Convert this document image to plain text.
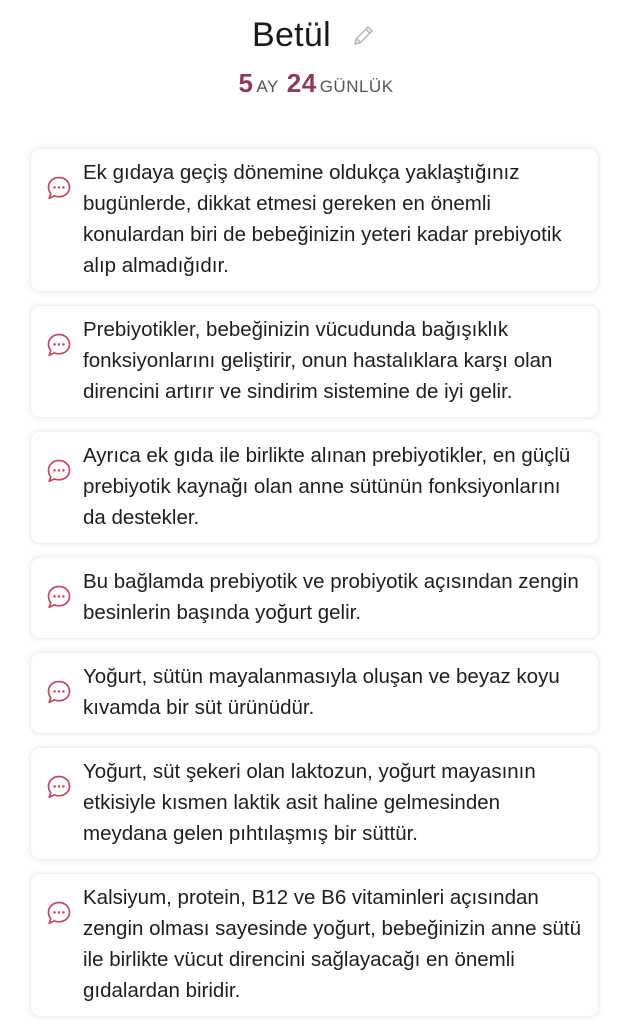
Betül
5 AY 24 GÜNLÜK

Ek gıdaya geçiş dönemine oldukça yaklaştığınız bugünlerde, dikkat etmesi gereken en önemli konulardan biri de bebeğinizin yeteri kadar prebiyotik alıp almadığıdır.

Prebiyotikler, bebeğinizin vücudunda bağışıklık fonksiyonlarını geliştirir, onun hastalıklara karşı olan direncini artırır ve sindirim sistemine de iyi gelir.

Ayrıca ek gıda ile birlikte alınan prebiyotikler, en güçlü prebiyotik kaynağı olan anne sütünün fonksiyonlarını da destekler.

Bu bağlamda prebiyotik ve probiyotik açısından zengin besinlerin başında yoğurt gelir.

Yoğurt, sütün mayalanmasıyla oluşan ve beyaz koyu kıvamda bir süt ürünüdür.

Yoğurt, süt şekeri olan laktozun, yoğurt mayasının etkisiyle kısmen laktik asit haline gelmesinden meydana gelen pıhtılaşmış bir süttür.

Kalsiyum, protein, B12 ve B6 vitaminleri açısından zengin olması sayesinde yoğurt, bebeğinizin anne sütü ile birlikte vücut direncini sağlayacağı en önemli gıdalardan biridir.
